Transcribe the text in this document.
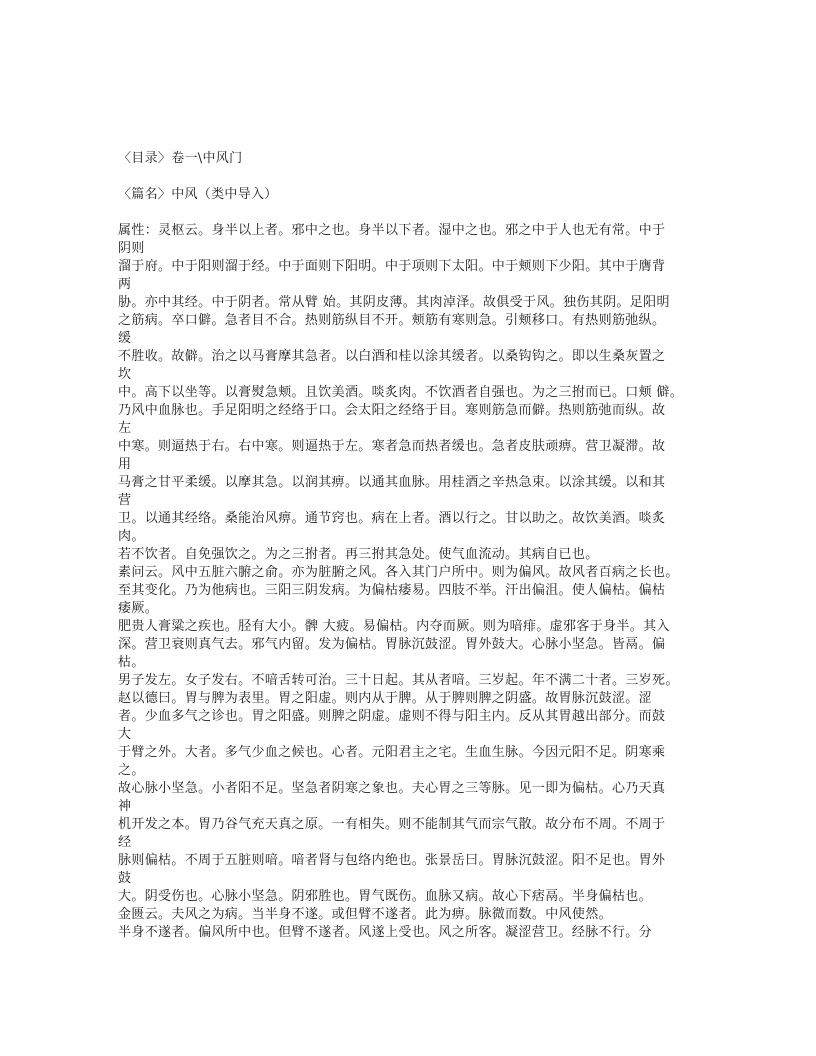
〈目录〉卷一\中风门
〈篇名〉中风（类中导入）
属性：灵枢云。身半以上者。邪中之也。身半以下者。湿中之也。邪之中于人也无有常。中于
阴则
溜于府。中于阳则溜于经。中于面则下阳明。中于项则下太阳。中于颊则下少阳。其中于膺背
两
胁。亦中其经。中于阴者。常从臂 始。其阴皮薄。其肉淖泽。故俱受于风。独伤其阴。足阳明
之筋病。卒口僻。急者目不合。热则筋纵目不开。颊筋有寒则急。引颊移口。有热则筋弛纵。
缓
不胜收。故僻。治之以马膏摩其急者。以白酒和桂以涂其缓者。以桑钩钩之。即以生桑灰置之
坎
中。高下以坐等。以膏熨急颊。且饮美酒。啖炙肉。不饮酒者自强也。为之三拊而已。口颊 僻。
乃风中血脉也。手足阳明之经络于口。会太阳之经络于目。寒则筋急而僻。热则筋弛而纵。故
左
中寒。则逼热于右。右中寒。则逼热于左。寒者急而热者缓也。急者皮肤顽痹。营卫凝滞。故
用
马膏之甘平柔缓。以摩其急。以润其痹。以通其血脉。用桂酒之辛热急束。以涂其缓。以和其
营
卫。以通其经络。桑能治风痹。通节窍也。病在上者。酒以行之。甘以助之。故饮美酒。啖炙
肉。
若不饮者。自免强饮之。为之三拊者。再三拊其急处。使气血流动。其病自已也。
素问云。风中五脏六腑之俞。亦为脏腑之风。各入其门户所中。则为偏风。故风者百病之长也。
至其变化。乃为他病也。三阳三阴发病。为偏枯痿易。四肢不举。汗出偏沮。使人偏枯。偏枯
痿厥。
肥贵人膏粱之疾也。胫有大小。髀 大疲。易偏枯。内夺而厥。则为喑痱。虚邪客于身半。其入
深。营卫衰则真气去。邪气内留。发为偏枯。胃脉沉鼓涩。胃外鼓大。心脉小坚急。皆鬲。偏
枯。
男子发左。女子发右。不喑舌转可治。三十日起。其从者喑。三岁起。年不满二十者。三岁死。
赵以德曰。胃与脾为表里。胃之阳虚。则内从于脾。从于脾则脾之阴盛。故胃脉沉鼓涩。涩
者。少血多气之诊也。胃之阳盛。则脾之阴虚。虚则不得与阳主内。反从其胃越出部分。而鼓
大
于臂之外。大者。多气少血之候也。心者。元阳君主之宅。生血生脉。今因元阳不足。阴寒乘
之。
故心脉小坚急。小者阳不足。坚急者阴寒之象也。夫心胃之三等脉。见一即为偏枯。心乃天真
神
机开发之本。胃乃谷气充天真之原。一有相失。则不能制其气而宗气散。故分布不周。不周于
经
脉则偏枯。不周于五脏则喑。喑者肾与包络内绝也。张景岳曰。胃脉沉鼓涩。阳不足也。胃外
鼓
大。阴受伤也。心脉小坚急。阴邪胜也。胃气既伤。血脉又病。故心下痞鬲。半身偏枯也。
金匮云。夫风之为病。当半身不遂。或但臂不遂者。此为痹。脉微而数。中风使然。
半身不遂者。偏风所中也。但臂不遂者。风遂上受也。风之所客。凝涩营卫。经脉不行。分
